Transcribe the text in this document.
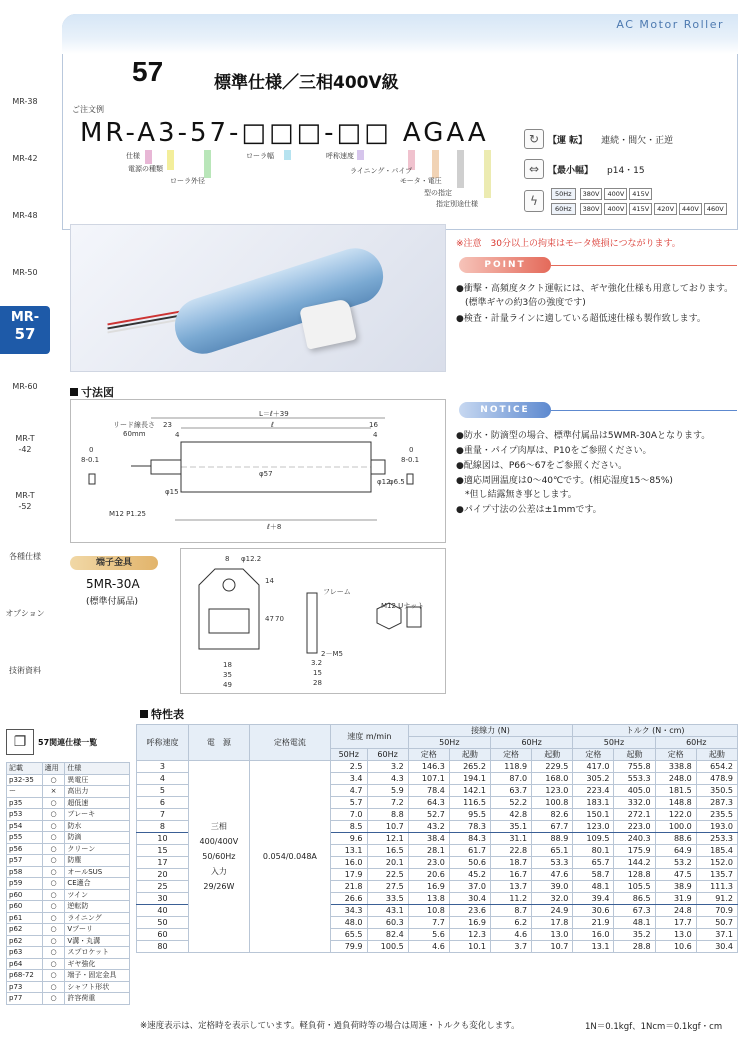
MR-38
MR-42
MR-48
MR-50
MR-
57
MR-60
MR-T
-42
MR-T
-52
各種仕様
オプション
技術資料
AC Motor Roller
57	標準仕様／三相400V級
ご注文例
MR-A3-57-□□□-□□ AGAA
仕様
電源の種類
ローラ外径
ローラ幅	呼称速度
ライニング・パイプ
モータ・電圧
型の指定
指定別途仕様
↻ 【運 転】 連続・間欠・正逆
⇔ 【最小幅】 p14・15
ϟ	50Hz	380V	400V	415V
60Hz	380V	400V	415V	420V	440V	460V
※注意　30分以上の拘束はモータ焼損につながります。
POINT
●衝撃・高頻度タクト運転には、ギヤ強化仕様も用意しております。
　(標準ギヤの約3倍の強度です)
●検査・計量ラインに適している超低速仕様も製作致します。
NOTICE
●防水・防滴型の場合、標準付属品は5WMR-30Aとなります。
●重量・パイプ肉厚は、P10をご参照ください。
●配線図は、P66～67をご参照ください。
●適応周囲温度は0～40℃です。(相応湿度15～85%)
　*但し結露無き事とします。
●パイプ寸法の公差は±1mmです。
寸法図
リード線長さ
60mm
L＝ℓ＋39
ℓ
23
4
16
4
φ57
φ15
φ12
φ6.5
M12 P1.25
8-0.1	8-0.1
0	0
ℓ＋8
端子金具
5MR-30A
(標準付属品)
8 φ12.2
14
47 70
18
35
49
フレーム
M12 Uナット
2－M5
3.2
15
28
特性表
呼称速度	電　源	定格電流	速度 m/min		接線力 (N)				トルク (N・cm)			
					50Hz		60Hz		50Hz		60Hz	
			50Hz	60Hz	定格	起動	定格	起動	定格	起動	定格	起動
3	三相
400/400V
50/60Hz
入力
29/26W	0.054/0.048A	2.5	3.2	146.3	265.2	118.9	229.5	417.0	755.8	338.8	654.2
4			3.4	4.3	107.1	194.1	87.0	168.0	305.2	553.3	248.0	478.9
5			4.7	5.9	78.4	142.1	63.7	123.0	223.4	405.0	181.5	350.5
6			5.7	7.2	64.3	116.5	52.2	100.8	183.1	332.0	148.8	287.3
7			7.0	8.8	52.7	95.5	42.8	82.6	150.1	272.1	122.0	235.5
8			8.5	10.7	43.2	78.3	35.1	67.7	123.0	223.0	100.0	193.0
10			9.6	12.1	38.4	84.3	31.1	88.9	109.5	240.3	88.6	253.3
15			13.1	16.5	28.1	61.7	22.8	65.1	80.1	175.9	64.9	185.4
17			16.0	20.1	23.0	50.6	18.7	53.3	65.7	144.2	53.2	152.0
20			17.9	22.5	20.6	45.2	16.7	47.6	58.7	128.8	47.5	135.7
25			21.8	27.5	16.9	37.0	13.7	39.0	48.1	105.5	38.9	111.3
30			26.6	33.5	13.8	30.4	11.2	32.0	39.4	86.5	31.9	91.2
40			34.3	43.1	10.8	23.6	8.7	24.9	30.6	67.3	24.8	70.9
50			48.0	60.3	7.7	16.9	6.2	17.8	21.9	48.1	17.7	50.7
60			65.5	82.4	5.6	12.3	4.6	13.0	16.0	35.2	13.0	37.1
80			79.9	100.5	4.6	10.1	3.7	10.7	13.1	28.8	10.6	30.4
※速度表示は、定格時を表示しています。軽負荷・過負荷時等の場合は周速・トルクも変化します。	1N＝0.1kgf、1Ncm＝0.1kgf・cm
❐	57関連仕様一覧
記載	適用	仕様
p32-35	○	異電圧
ー	×	高出力
p35	○	超低速
p53	○	ブレーキ
p54	○	防水
p55	○	防滴
p56	○	クリーン
p57	○	防塵
p58	○	オールSUS
p59	○	CE適合
p60	○	ツイン
p60	○	逆転防
p61	○	ライニング
p62	○	Vプーリ
p62	○	V溝・丸溝
p63	○	スプロケット
p64	○	ギヤ強化
p68-72	○	端子・固定金具
p73	○	シャフト形状
p77	○	許容荷重
